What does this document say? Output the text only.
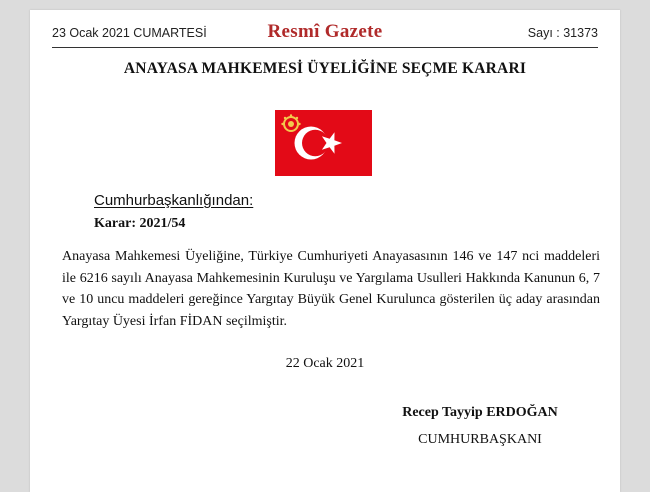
23 Ocak 2021 CUMARTESİ	Resmî Gazete	Sayı : 31373
ANAYASA MAHKEMESİ ÜYELİĞİNE SEÇME KARARI
Cumhurbaşkanlığından:
Karar: 2021/54
Anayasa Mahkemesi Üyeliğine, Türkiye Cumhuriyeti Anayasasının 146 ve 147 nci maddeleri ile 6216 sayılı Anayasa Mahkemesinin Kuruluşu ve Yargılama Usulleri Hakkında Kanunun 6, 7 ve 10 uncu maddeleri gereğince Yargıtay Büyük Genel Kurulunca gösterilen üç aday arasından Yargıtay Üyesi İrfan FİDAN seçilmiştir.
22 Ocak 2021
Recep Tayyip ERDOĞAN
CUMHURBAŞKANI
